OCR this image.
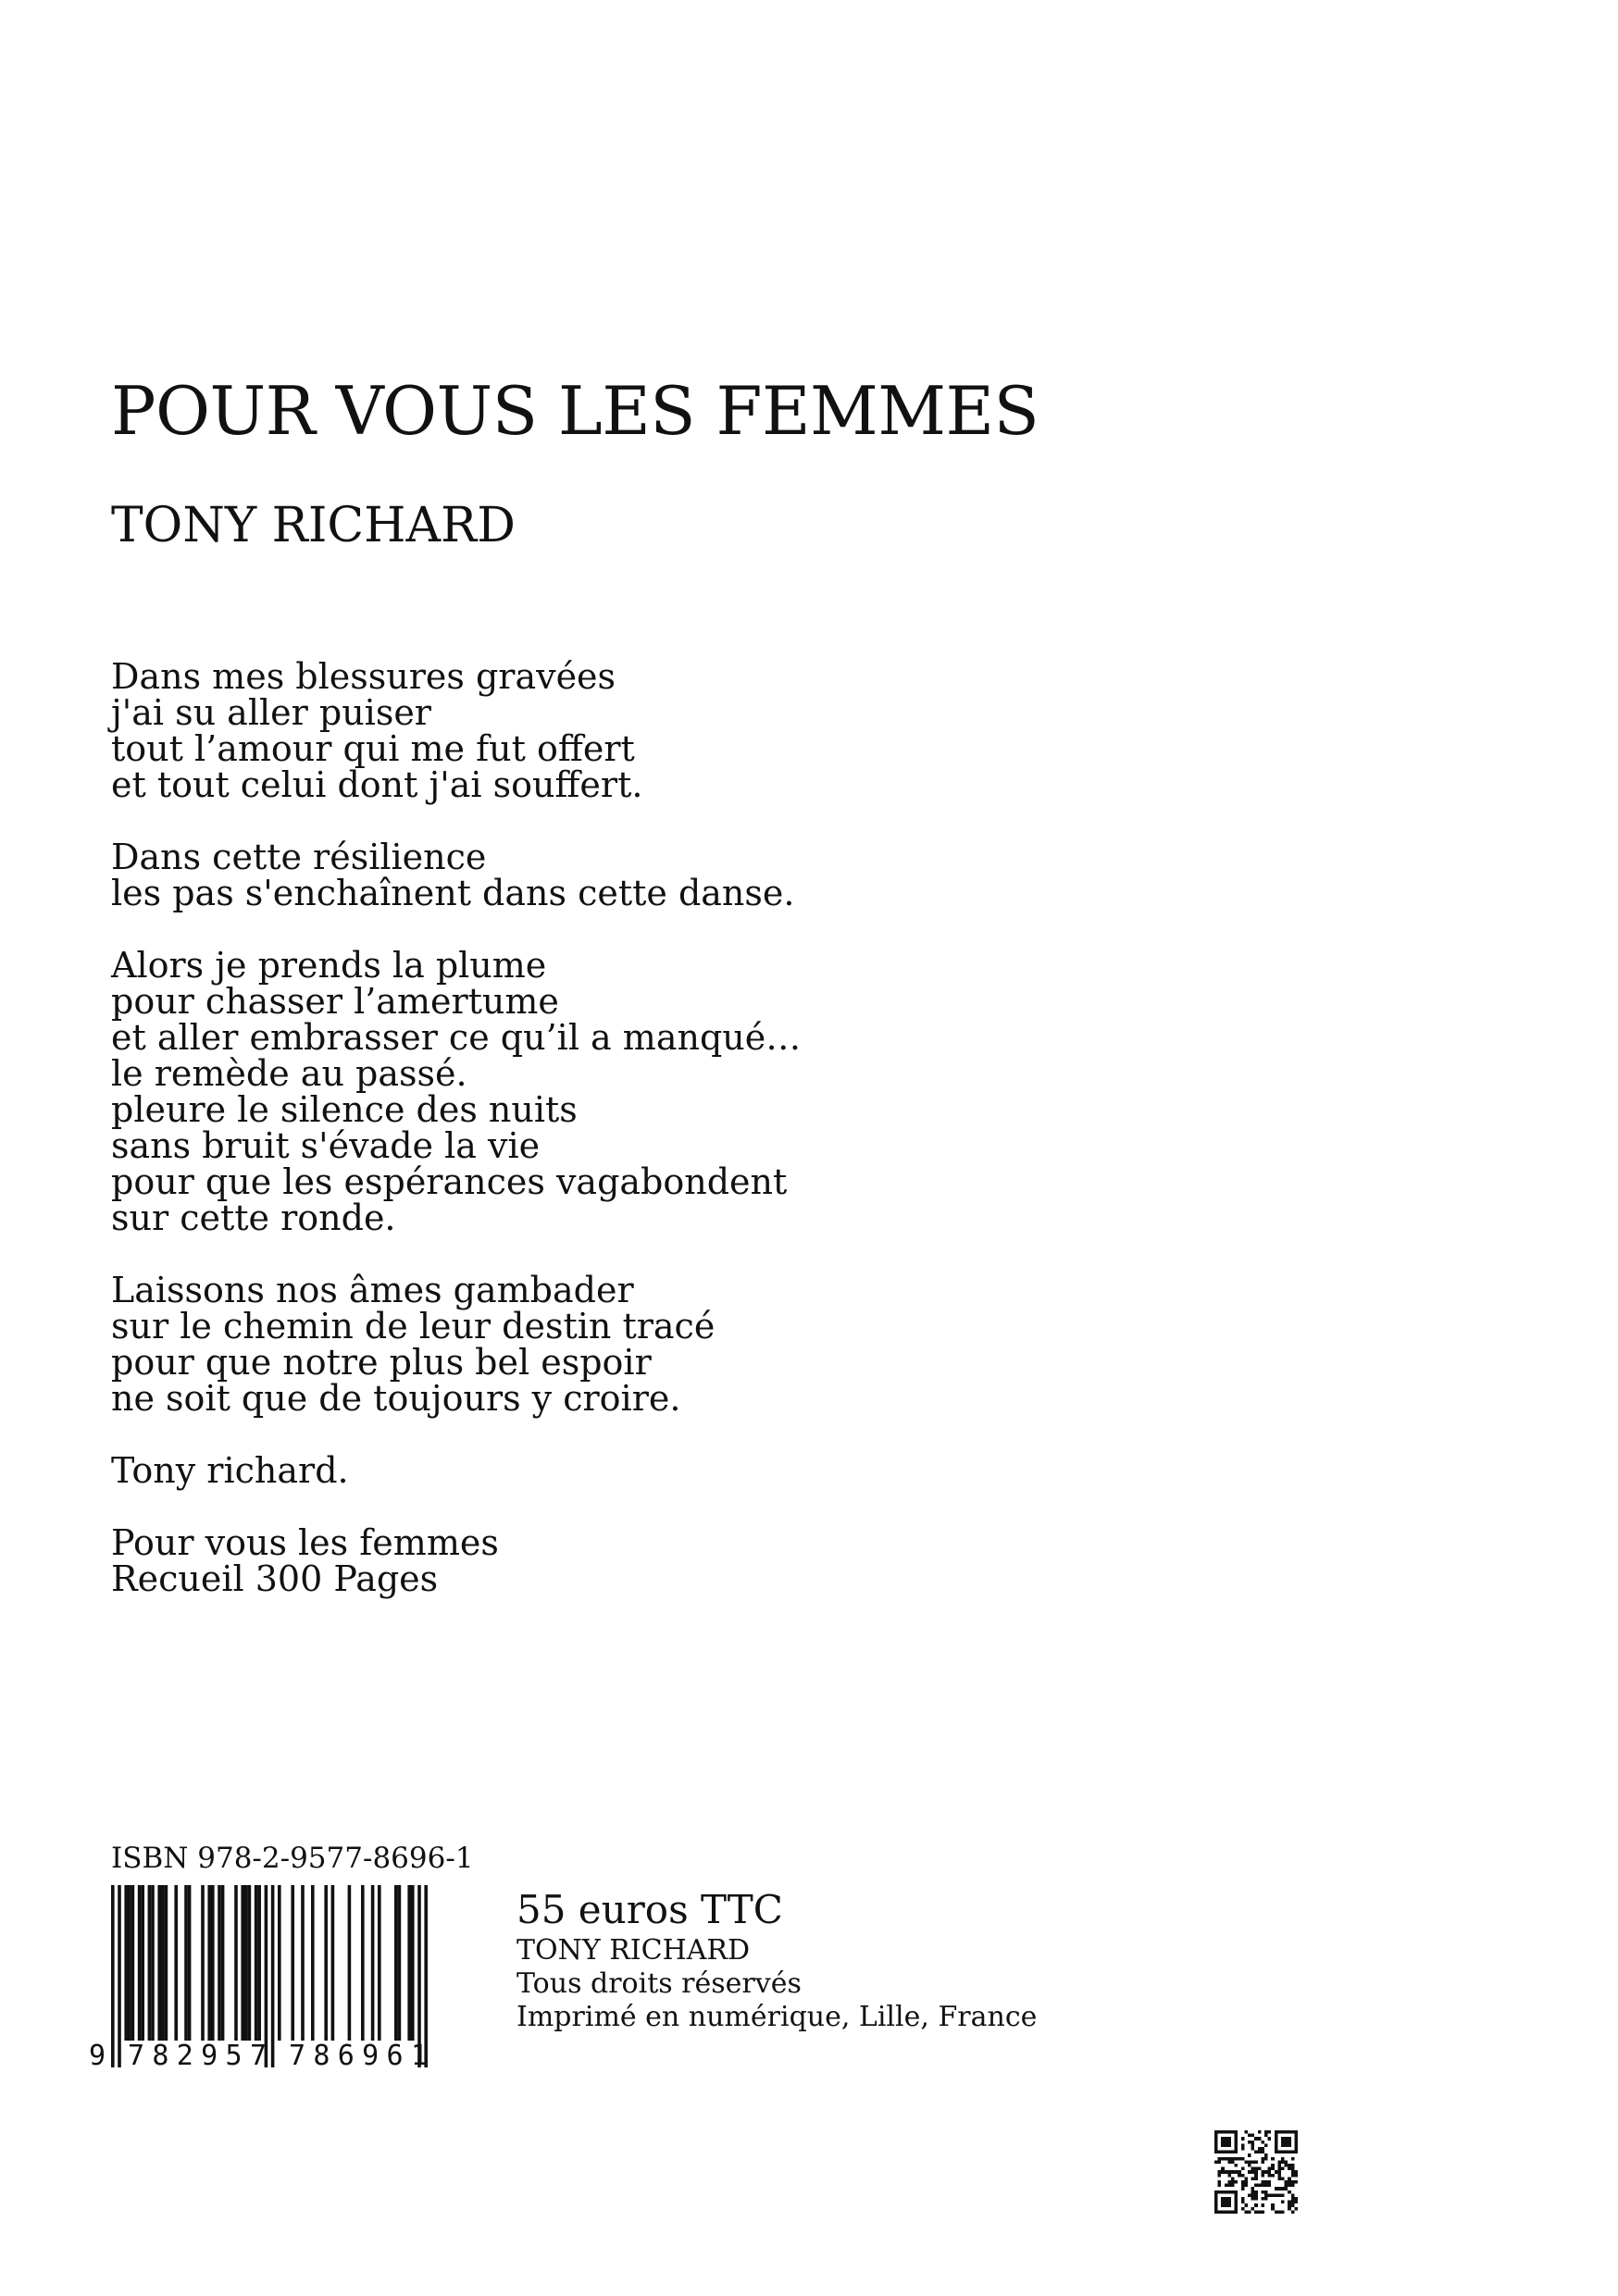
POUR VOUS LES FEMMES
TONY RICHARD
Dans mes blessures gravées
j'ai su aller puiser
tout l’amour qui me fut offert
et tout celui dont j'ai souffert.
Dans cette résilience
les pas s'enchaînent dans cette danse.
Alors je prends la plume
pour chasser l’amertume
et aller embrasser ce qu’il a manqué…
le remède au passé.
pleure le silence des nuits
sans bruit s'évade la vie
pour que les espérances vagabondent
sur cette ronde.
Laissons nos âmes gambader
sur le chemin de leur destin tracé
pour que notre plus bel espoir
ne soit que de toujours y croire.
Tony richard.
Pour vous les femmes
Recueil 300 Pages
ISBN 978-2-9577-8696-1
9 782957 786961
55 euros TTC
TONY RICHARD
Tous droits réservés
Imprimé en numérique, Lille, France
